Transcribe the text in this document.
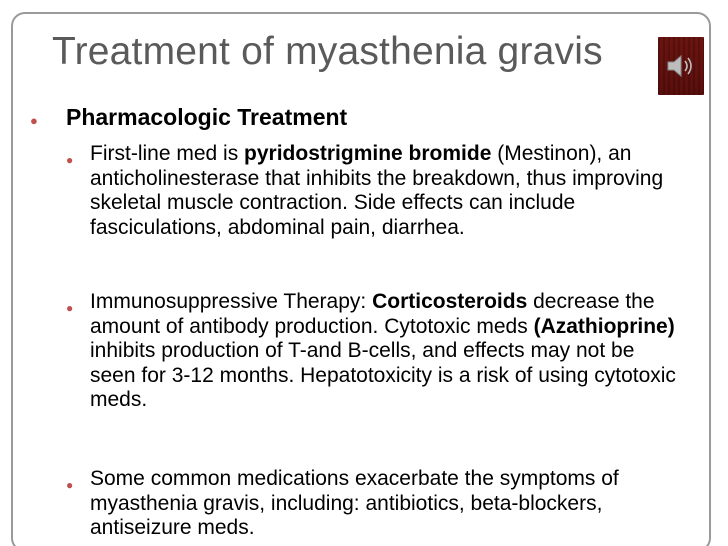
Treatment of myasthenia gravis
● Pharmacologic Treatment
● First-line med is pyridostrigmine bromide (Mestinon), an anticholinesterase that inhibits the breakdown, thus improving skeletal muscle contraction. Side effects can include fasciculations, abdominal pain, diarrhea.
● Immunosuppressive Therapy: Corticosteroids decrease the amount of antibody production. Cytotoxic meds (Azathioprine) inhibits production of T-and B-cells, and effects may not be seen for 3-12 months. Hepatotoxicity is a risk of using cytotoxic meds.
● Some common medications exacerbate the symptoms of myasthenia gravis, including: antibiotics, beta-blockers, antiseizure meds.
